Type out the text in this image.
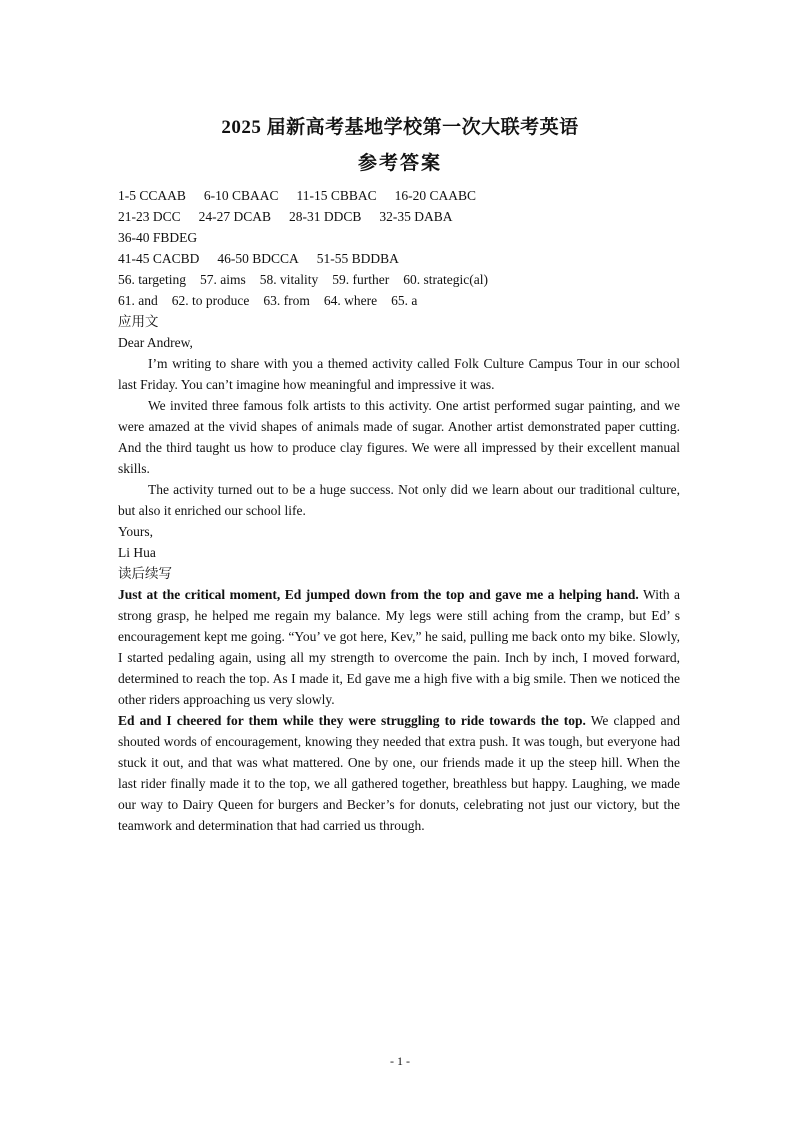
2025 届新高考基地学校第一次大联考英语
参考答案
1-5 CCAAB 6-10 CBAAC 11-15 CBBAC 16-20 CAABC
21-23 DCC 24-27 DCAB 28-31 DDCB 32-35 DABA
36-40 FBDEG
41-45 CACBD 46-50 BDCCA 51-55 BDDBA
56. targeting 57. aims 58. vitality 59. further 60. strategic(al)
61. and 62. to produce 63. from 64. where 65. a
应用文

Dear Andrew,

I’m writing to share with you a themed activity called Folk Culture Campus Tour in our school last Friday. You can’t imagine how meaningful and impressive it was.

We invited three famous folk artists to this activity. One artist performed sugar painting, and we were amazed at the vivid shapes of animals made of sugar. Another artist demonstrated paper cutting. And the third taught us how to produce clay figures. We were all impressed by their excellent manual skills.

The activity turned out to be a huge success. Not only did we learn about our traditional culture, but also it enriched our school life.

Yours,

Li Hua

读后续写

Just at the critical moment, Ed jumped down from the top and gave me a helping hand. With a strong grasp, he helped me regain my balance. My legs were still aching from the cramp, but Ed’ s encouragement kept me going. “You’ ve got here, Kev,” he said, pulling me back onto my bike. Slowly, I started pedaling again, using all my strength to overcome the pain. Inch by inch, I moved forward, determined to reach the top. As I made it, Ed gave me a high five with a big smile. Then we noticed the other riders approaching us very slowly.

Ed and I cheered for them while they were struggling to ride towards the top. We clapped and shouted words of encouragement, knowing they needed that extra push. It was tough, but everyone had stuck it out, and that was what mattered. One by one, our friends made it up the steep hill. When the last rider finally made it to the top, we all gathered together, breathless but happy. Laughing, we made our way to Dairy Queen for burgers and Becker’s for donuts, celebrating not just our victory, but the teamwork and determination that had carried us through.

- 1 -
